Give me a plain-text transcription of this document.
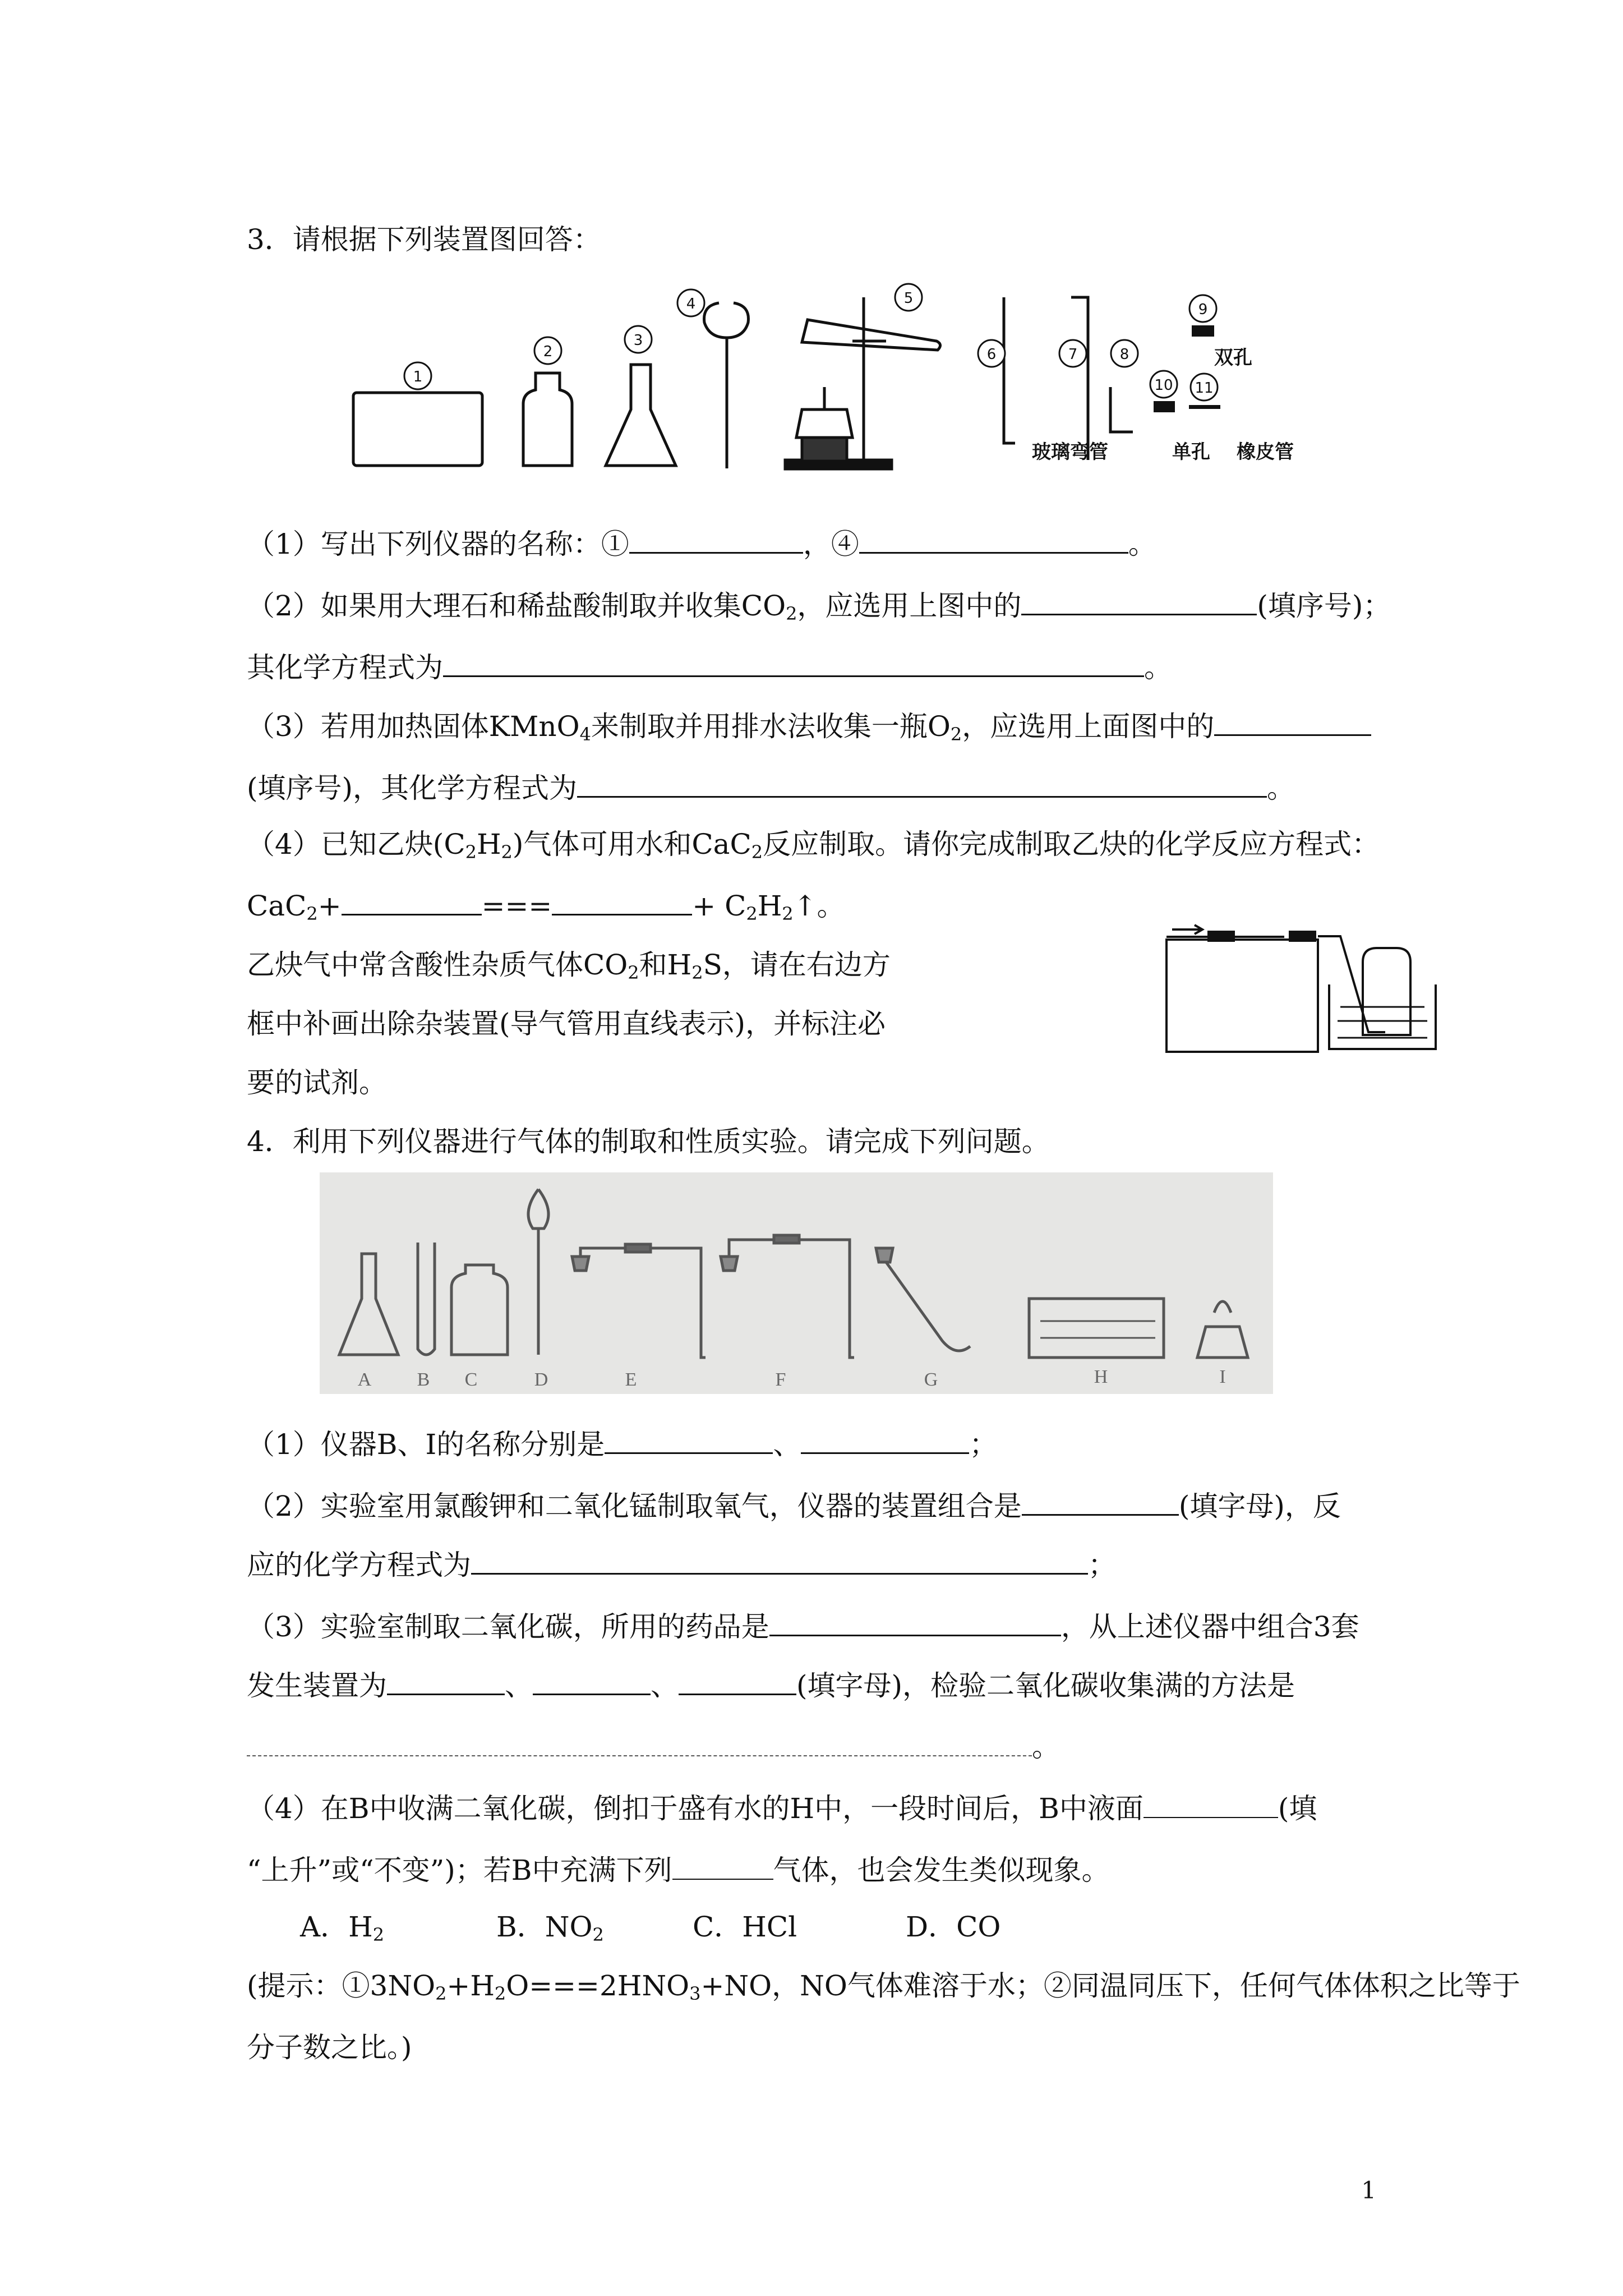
3．请根据下列装置图回答：
1
2
3
4	5
6	7	8
9
10 11
玻璃弯管
双孔
单孔 橡皮管
（1）写出下列仪器的名称：①	，④	。
（2）如果用大理石和稀盐酸制取并收集$CO_2$，应选用上图中的	(填序号)；
其化学方程式为	。
（3）若用加热固体KMnO$_4$来制取并用排水法收集一瓶$O_2$，应选用上面图中的
(填序号)，其化学方程式为	。
（4）已知乙炔$(C_2H_2)$气体可用水和CaC$_2$反应制取。请你完成制取乙炔的化学反应方程式：
CaC$_2$+	===	+ $C_2H_2↑$。
乙炔气中常含酸性杂质气体$CO_2$和$H_2S$，请在右边方
框中补画出除杂装置(导气管用直线表示)，并标注必
要的试剂。
4．利用下列仪器进行气体的制取和性质实验。请完成下列问题。
A B C	D	E	F	G	H	I
（1）仪器B、I的名称分别是	、	；
（2）实验室用氯酸钾和二氧化锰制取氧气，仪器的装置组合是	(填字母)，反
应的化学方程式为	；
（3）实验室制取二氧化碳，所用的药品是	，从上述仪器中组合3套
发生装置为	、	、	(填字母)，检验二氧化碳收集满的方法是
。
（4）在B中收满二氧化碳，倒扣于盛有水的H中，一段时间后，B中液面	(填
“上升”或“不变”)；若B中充满下列	气体，也会发生类似现象。
A．$H_2$	B．$NO_2$	C．HCl	D．CO
(提示：$①3NO_2+H_2O===2HNO_3+NO$，NO气体难溶于水；②同温同压下，任何气体体积之比等于
分子数之比。)
1
